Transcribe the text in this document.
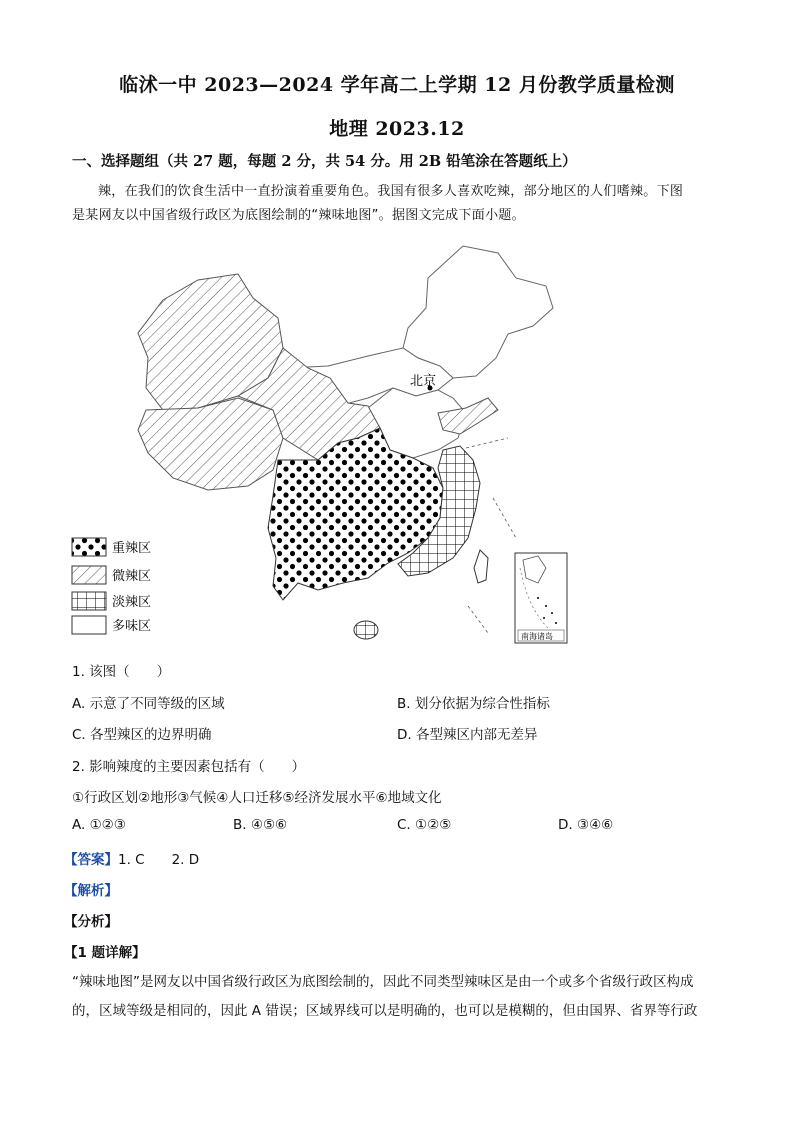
临沭一中 2023—2024 学年高二上学期 12 月份教学质量检测
地理 2023.12
一、选择题组（共 27 题，每题 2 分，共 54 分。用 2B 铅笔涂在答题纸上）

辣，在我们的饮食生活中一直扮演着重要角色。我国有很多人喜欢吃辣，部分地区的人们嗜辣。下图

是某网友以中国省级行政区为底图绘制的“辣味地图”。据图文完成下面小题。

北京
南海诸岛
重辣区
微辣区
淡辣区
多味区
1. 该图（　　）
A. 示意了不同等级的区域	B. 划分依据为综合性指标
C. 各型辣区的边界明确	D. 各型辣区内部无差异
2. 影响辣度的主要因素包括有（　　）
①行政区划②地形③气候④人口迁移⑤经济发展水平⑥地域文化
A. ①②③	B. ④⑤⑥	C. ①②⑤	D. ③④⑥
【答案】1. C　　2. D
【解析】
【分析】
【1 题详解】
“辣味地图”是网友以中国省级行政区为底图绘制的，因此不同类型辣味区是由一个或多个省级行政区构成
的，区域等级是相同的，因此 A 错误；区域界线可以是明确的，也可以是模糊的，但由国界、省界等行政
